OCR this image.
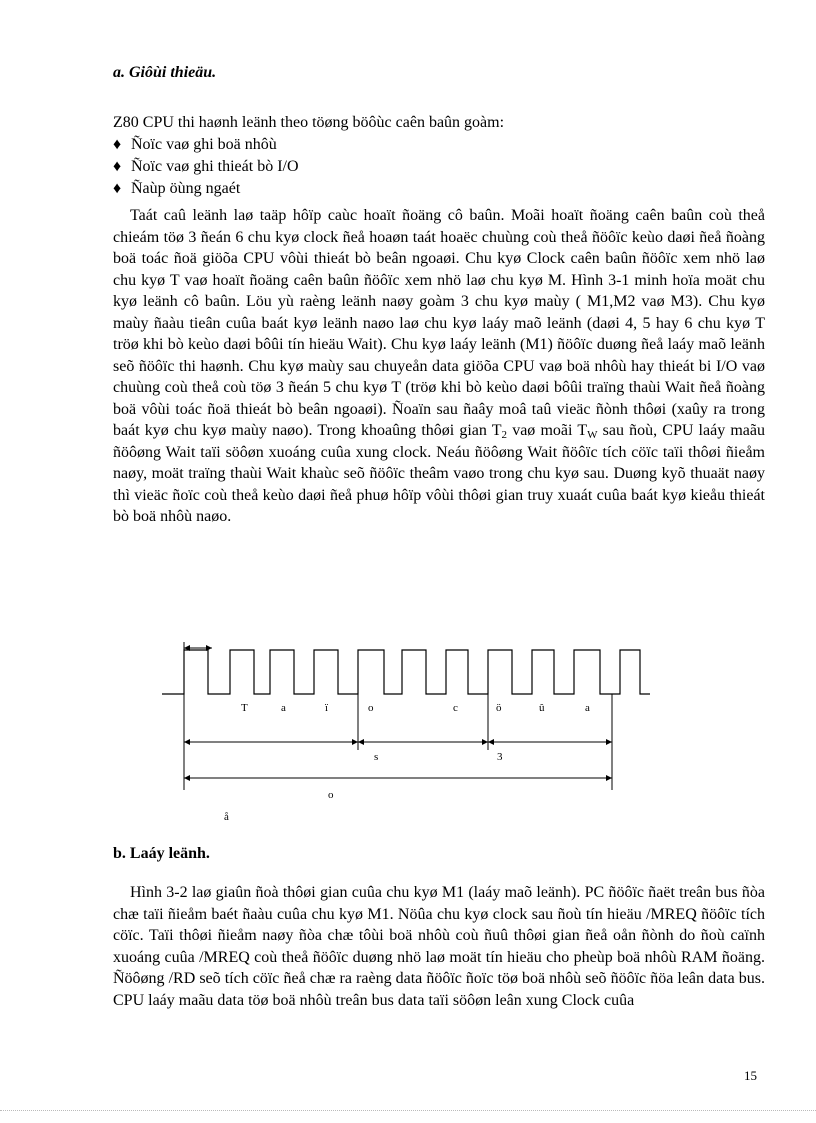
a. Giôùi thieäu.
Z80 CPU thi haønh leänh theo töøng böôùc caên baûn goàm:
♦ Ñoïc vaø ghi boä nhôù
♦ Ñoïc vaø ghi thieát bò I/O
♦ Ñaùp öùng ngaét

Taát caû leänh laø taäp hôïp caùc hoaït ñoäng cô baûn. Moãi hoaït ñoäng caên baûn coù theå chieám töø 3 ñeán 6 chu kyø clock ñeå hoaøn taát hoaëc chuùng coù theå ñöôïc keùo daøi ñeå ñoàng boä toác ñoä giöõa CPU vôùi thieát bò beân ngoaøi. Chu kyø Clock caên baûn ñöôïc xem nhö laø chu kyø T vaø hoaït ñoäng caên baûn ñöôïc xem nhö laø chu kyø M. Hình 3-1 minh hoïa moät chu kyø leänh cô baûn. Löu yù raèng leänh naøy goàm 3 chu kyø maùy ( M1,M2 vaø M3). Chu kyø maùy ñaàu tieân cuûa baát kyø leänh naøo laø chu kyø laáy maõ leänh (daøi 4, 5 hay 6 chu kyø T tröø khi bò keùo daøi bôûi tín hieäu Wait). Chu kyø laáy leänh (M1) ñöôïc duøng ñeå laáy maõ leänh seõ ñöôïc thi haønh. Chu kyø maùy sau chuyeån data giöõa CPU vaø boä nhôù hay thieát bi I/O vaø chuùng coù theå coù töø 3 ñeán 5 chu kyø T (tröø khi bò keùo daøi bôûi traïng thaùi Wait ñeå ñoàng boä vôùi toác ñoä thieát bò beân ngoaøi). Ñoaïn sau ñaây moâ taû vieäc ñònh thôøi (xaûy ra trong baát kyø chu kyø maùy naøo). Trong khoaûng thôøi gian $T_2$ vaø moãi $T_W$ sau ñoù, CPU laáy maãu ñöôøng Wait taïi söôøn xuoáng cuûa xung clock. Neáu ñöôøng Wait ñöôïc tích cöïc taïi thôøi ñieåm naøy, moät traïng thaùi Wait khaùc seõ ñöôïc theâm vaøo trong chu kyø sau. Duøng kyõ thuaät naøy thì vieäc ñoïc coù theå keùo daøi ñeå phuø hôïp vôùi thôøi gian truy xuaát cuûa baát kyø kieåu thieát bò boä nhôù naøo.

T	a	ï	o	c	ö	û	a
s	3
o
å
b. Laáy leänh.

Hình 3-2 laø giaûn ñoà thôøi gian cuûa chu kyø M1 (laáy maõ leänh). PC ñöôïc ñaët treân bus ñòa chæ taïi ñieåm baét ñaàu cuûa chu kyø M1. Nöûa chu kyø clock sau ñoù tín hieäu /MREQ ñöôïc tích cöïc. Taïi thôøi ñieåm naøy ñòa chæ tôùi boä nhôù coù ñuû thôøi gian ñeå oån ñònh do ñoù caïnh xuoáng cuûa /MREQ coù theå ñöôïc duøng nhö laø moät tín hieäu cho pheùp boä nhôù RAM ñoäng. Ñöôøng /RD seõ tích cöïc ñeå chæ ra raèng data ñöôïc ñoïc töø boä nhôù seõ ñöôïc ñöa leân data bus. CPU laáy maãu data töø boä nhôù treân bus data taïi söôøn leân xung Clock cuûa

15
